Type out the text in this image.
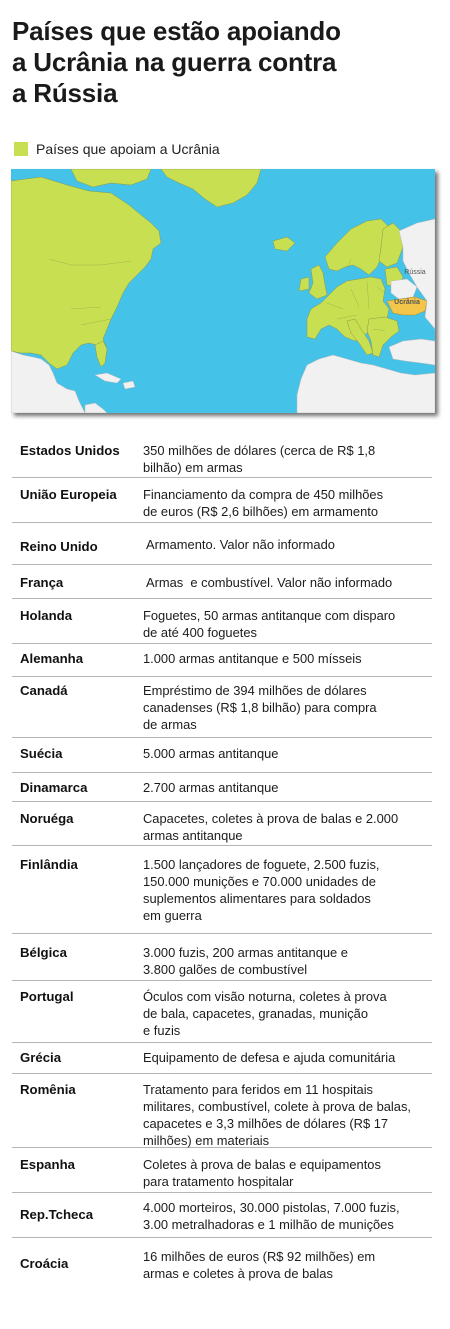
Países que estão apoiando
a Ucrânia na guerra contra
a Rússia
Países que apoiam a Ucrânia
Rússia
Ucrânia
Estados Unidos	350 milhões de dólares (cerca de R$ 1,8
bilhão) em armas
União Europeia	Financiamento da compra de 450 milhões
de euros (R$ 2,6 bilhões) em armamento
Reino Unido	Armamento. Valor não informado
França	Armas  e combustível. Valor não informado
Holanda	Foguetes, 50 armas antitanque com disparo
de até 400 foguetes
Alemanha	1.000 armas antitanque e 500 mísseis
Canadá	Empréstimo de 394 milhões de dólares
canadenses (R$ 1,8 bilhão) para compra
de armas
Suécia	5.000 armas antitanque
Dinamarca	2.700 armas antitanque
Noruéga	Capacetes, coletes à prova de balas e 2.000
armas antitanque
Finlândia	1.500 lançadores de foguete, 2.500 fuzis,
150.000 munições e 70.000 unidades de
suplementos alimentares para soldados
em guerra
Bélgica	3.000 fuzis, 200 armas antitanque e
3.800 galões de combustível
Portugal	Óculos com visão noturna, coletes à prova
de bala, capacetes, granadas, munição
e fuzis
Grécia	Equipamento de defesa e ajuda comunitária
Romênia	Tratamento para feridos em 11 hospitais
militares, combustível, colete à prova de balas,
capacetes e 3,3 milhões de dólares (R$ 17
milhões) em materiais
Espanha	Coletes à prova de balas e equipamentos
para tratamento hospitalar
Rep.Tcheca	4.000 morteiros, 30.000 pistolas, 7.000 fuzis,
3.00 metralhadoras e 1 milhão de munições
Croácia	16 milhões de euros (R$ 92 milhões) em
armas e coletes à prova de balas
